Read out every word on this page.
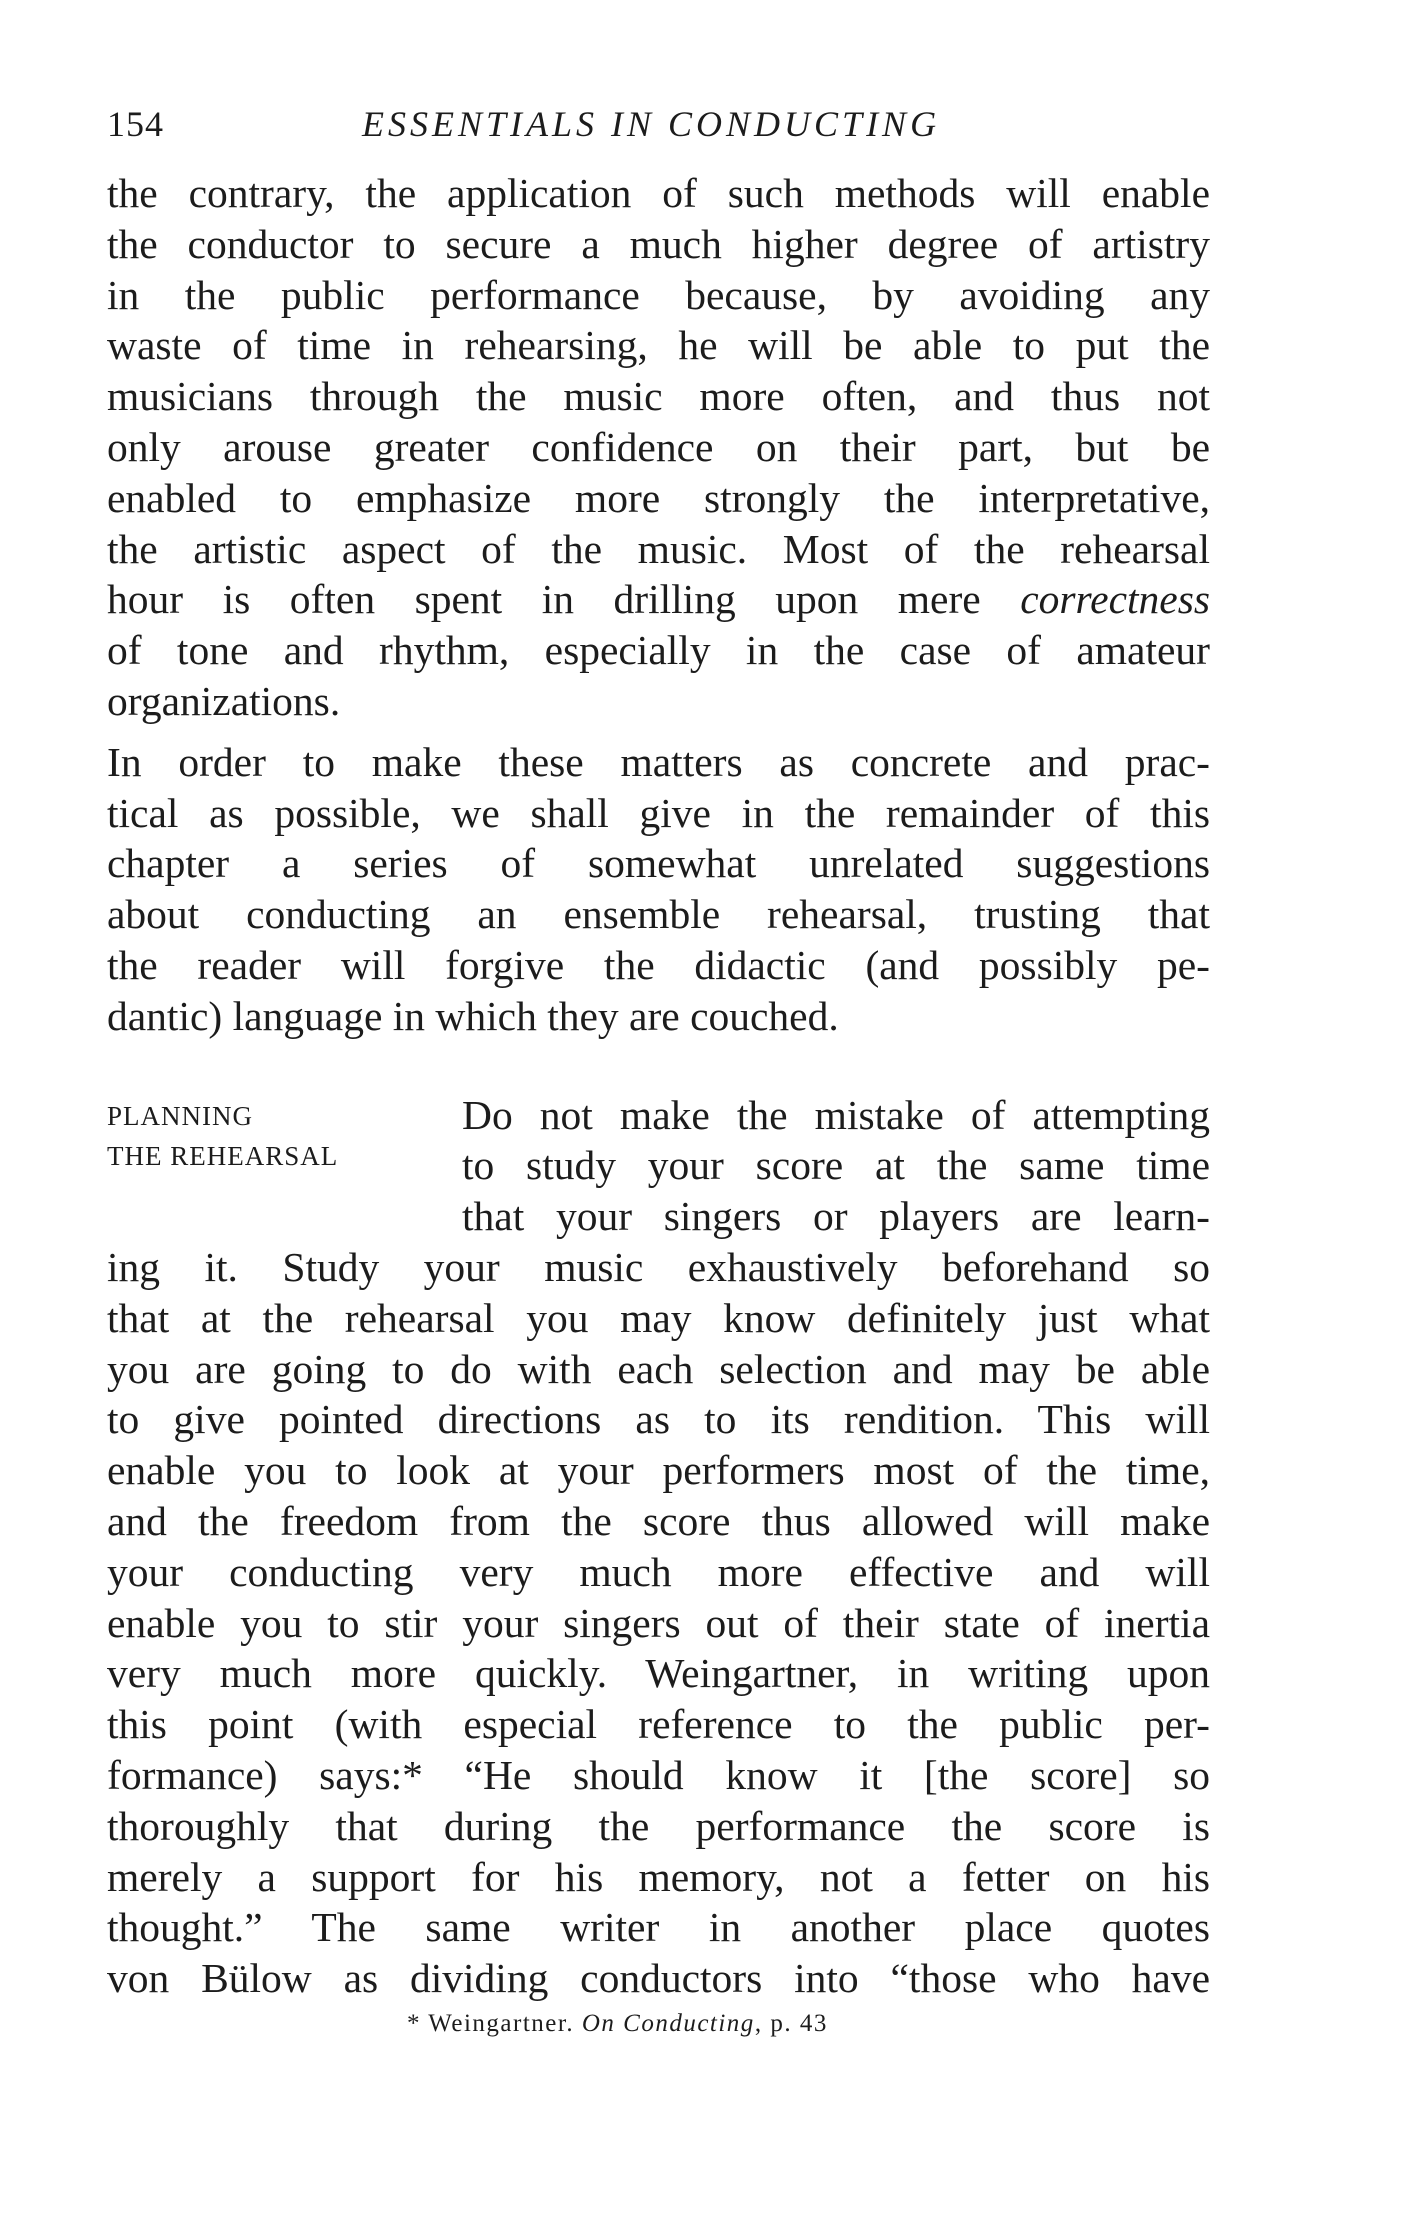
154	ESSENTIALS IN CONDUCTING
the contrary, the application of such methods will enable
the conductor to secure a much higher degree of artistry
in the public performance because, by avoiding any
waste of time in rehearsing, he will be able to put the
musicians through the music more often, and thus not
only arouse greater confidence on their part, but be
enabled to emphasize more strongly the interpretative,
the artistic aspect of the music. Most of the rehearsal
hour is often spent in drilling upon mere correctness
of tone and rhythm, especially in the case of amateur
organizations.
In order to make these matters as concrete and prac-
tical as possible, we shall give in the remainder of this
chapter a series of somewhat unrelated suggestions
about conducting an ensemble rehearsal, trusting that
the reader will forgive the didactic (and possibly pe-
dantic) language in which they are couched.
PLANNING
THE REHEARSAL
Do not make the mistake of attempting
to study your score at the same time
that your singers or players are learn-
ing it. Study your music exhaustively beforehand so
that at the rehearsal you may know definitely just what
you are going to do with each selection and may be able
to give pointed directions as to its rendition. This will
enable you to look at your performers most of the time,
and the freedom from the score thus allowed will make
your conducting very much more effective and will
enable you to stir your singers out of their state of inertia
very much more quickly. Weingartner, in writing upon
this point (with especial reference to the public per-
formance) says:* “He should know it [the score] so
thoroughly that during the performance the score is
merely a support for his memory, not a fetter on his
thought.” The same writer in another place quotes
von Bülow as dividing conductors into “those who have
* Weingartner. On Conducting, p. 43
